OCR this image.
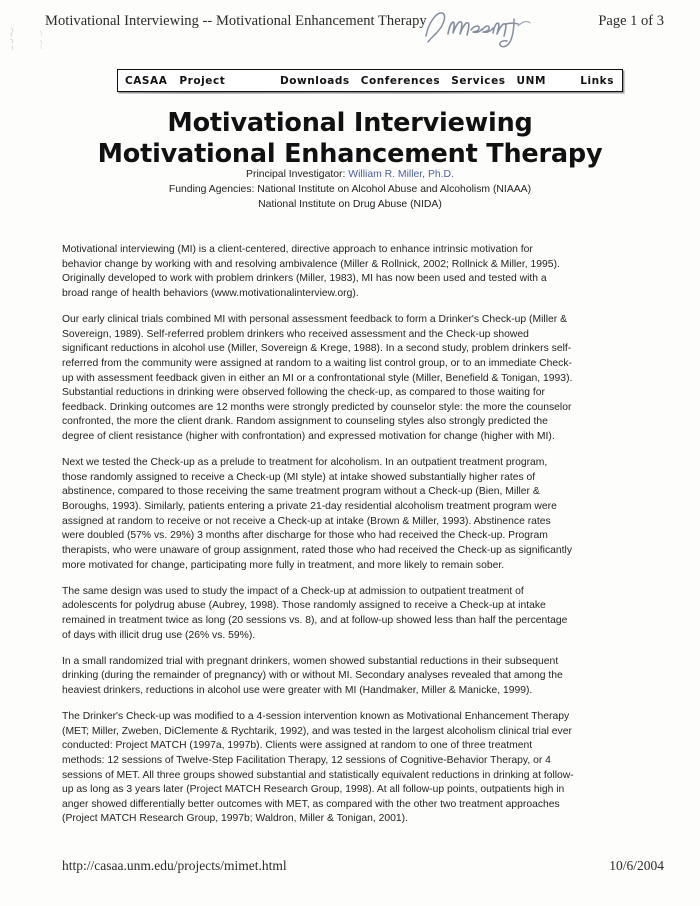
Motivational Interviewing -- Motivational Enhancement Therapy	Page 1 of 3
CASAA Project	Downloads Conferences Services UNM	Links
Motivational Interviewing
Motivational Enhancement Therapy
Principal Investigator: William R. Miller, Ph.D.
Funding Agencies: National Institute on Alcohol Abuse and Alcoholism (NIAAA)
National Institute on Drug Abuse (NIDA)

Motivational interviewing (MI) is a client-centered, directive approach to enhance intrinsic motivation for behavior change by working with and resolving ambivalence (Miller & Rollnick, 2002; Rollnick & Miller, 1995). Originally developed to work with problem drinkers (Miller, 1983), MI has now been used and tested with a broad range of health behaviors (www.motivationalinterview.org).

Our early clinical trials combined MI with personal assessment feedback to form a Drinker's Check-up (Miller & Sovereign, 1989). Self-referred problem drinkers who received assessment and the Check-up showed significant reductions in alcohol use (Miller, Sovereign & Krege, 1988). In a second study, problem drinkers self-referred from the community were assigned at random to a waiting list control group, or to an immediate Check-up with assessment feedback given in either an MI or a confrontational style (Miller, Benefield & Tonigan, 1993). Substantial reductions in drinking were observed following the check-up, as compared to those waiting for feedback. Drinking outcomes are 12 months were strongly predicted by counselor style: the more the counselor confronted, the more the client drank. Random assignment to counseling styles also strongly predicted the degree of client resistance (higher with confrontation) and expressed motivation for change (higher with MI).

Next we tested the Check-up as a prelude to treatment for alcoholism. In an outpatient treatment program, those randomly assigned to receive a Check-up (MI style) at intake showed substantially higher rates of abstinence, compared to those receiving the same treatment program without a Check-up (Bien, Miller & Boroughs, 1993). Similarly, patients entering a private 21-day residential alcoholism treatment program were assigned at random to receive or not receive a Check-up at intake (Brown & Miller, 1993). Abstinence rates were doubled (57% vs. 29%) 3 months after discharge for those who had received the Check-up. Program therapists, who were unaware of group assignment, rated those who had received the Check-up as significantly more motivated for change, participating more fully in treatment, and more likely to remain sober.

The same design was used to study the impact of a Check-up at admission to outpatient treatment of adolescents for polydrug abuse (Aubrey, 1998). Those randomly assigned to receive a Check-up at intake remained in treatment twice as long (20 sessions vs. 8), and at follow-up showed less than half the percentage of days with illicit drug use (26% vs. 59%).

In a small randomized trial with pregnant drinkers, women showed substantial reductions in their subsequent drinking (during the remainder of pregnancy) with or without MI. Secondary analyses revealed that among the heaviest drinkers, reductions in alcohol use were greater with MI (Handmaker, Miller & Manicke, 1999).

The Drinker's Check-up was modified to a 4-session intervention known as Motivational Enhancement Therapy (MET; Miller, Zweben, DiClemente & Rychtarik, 1992), and was tested in the largest alcoholism clinical trial ever conducted: Project MATCH (1997a, 1997b). Clients were assigned at random to one of three treatment methods: 12 sessions of Twelve-Step Facilitation Therapy, 12 sessions of Cognitive-Behavior Therapy, or 4 sessions of MET. All three groups showed substantial and statistically equivalent reductions in drinking at follow-up as long as 3 years later (Project MATCH Research Group, 1998). At all follow-up points, outpatients high in anger showed differentially better outcomes with MET, as compared with the other two treatment approaches (Project MATCH Research Group, 1997b; Waldron, Miller & Tonigan, 2001).

http://casaa.unm.edu/projects/mimet.html	10/6/2004
